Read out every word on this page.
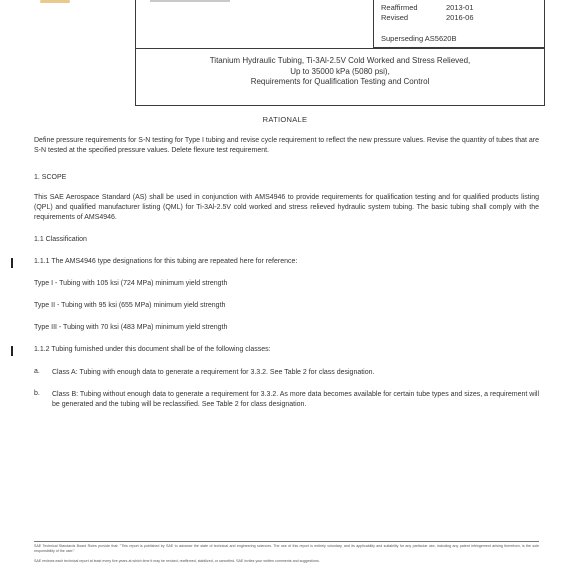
Reaffirmed	2013-01
Revised	2016-06
Superseding AS5620B
Titanium Hydraulic Tubing, Ti-3Al-2.5V Cold Worked and Stress Relieved,
Up to 35000 kPa (5080 psi),
Requirements for Qualification Testing and Control
RATIONALE
Define pressure requirements for S-N testing for Type I tubing and revise cycle requirement to reflect the new pressure values. Revise the quantity of tubes that are S-N tested at the specified pressure values. Delete flexure test requirement.
1. SCOPE
This SAE Aerospace Standard (AS) shall be used in conjunction with AMS4946 to provide requirements for qualification testing and for qualified products listing (QPL) and qualified manufacturer listing (QML) for Ti-3Al-2.5V cold worked and stress relieved hydraulic system tubing. The basic tubing shall comply with the requirements of AMS4946.
1.1 Classification
1.1.1 The AMS4946 type designations for this tubing are repeated here for reference:
Type I - Tubing with 105 ksi (724 MPa) minimum yield strength
Type II - Tubing with 95 ksi (655 MPa) minimum yield strength
Type III - Tubing with 70 ksi (483 MPa) minimum yield strength
1.1.2 Tubing furnished under this document shall be of the following classes:
a. Class A: Tubing with enough data to generate a requirement for 3.3.2. See Table 2 for class designation.
b. Class B: Tubing without enough data to generate a requirement for 3.3.2. As more data becomes available for certain tube types and sizes, a requirement will be generated and the tubing will be reclassified. See Table 2 for class designation.
SAE Technical Standards Board Rules provide that: "This report is published by SAE to advance the state of technical and engineering sciences. The use of this report is entirely voluntary, and its applicability and suitability for any particular use, including any patent infringement arising therefrom, is the sole responsibility of the user."
SAE reviews each technical report at least every five years at which time it may be revised, reaffirmed, stabilized, or cancelled. SAE invites your written comments and suggestions.
